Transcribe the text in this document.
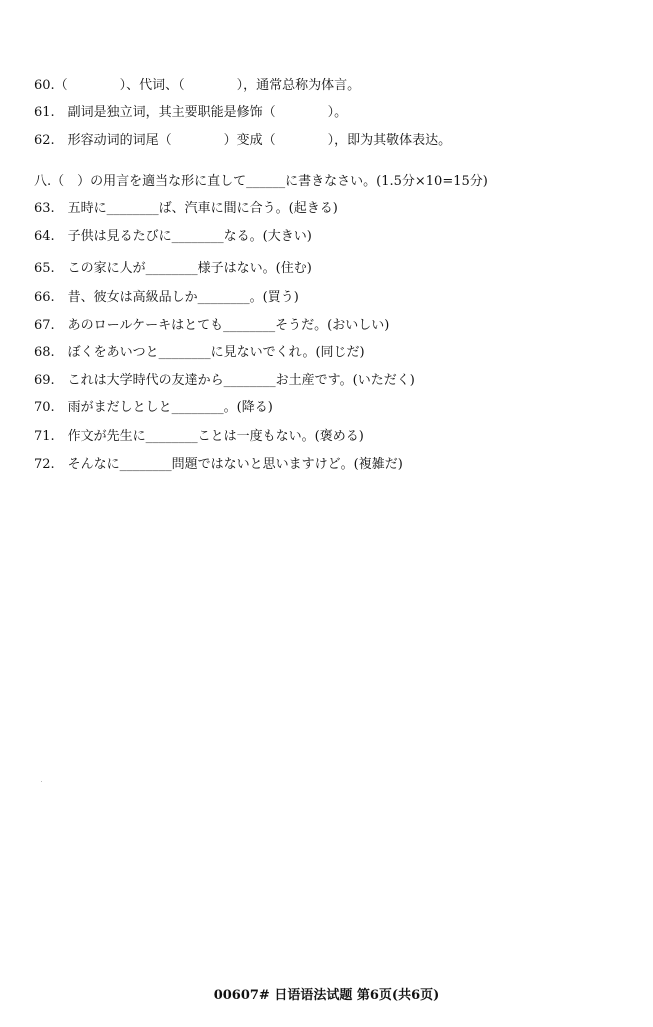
60.（　　　　）、代词、（　　　　），通常总称为体言。
61.　副词是独立词，其主要职能是修饰（　　　　）。
62.　形容动词的词尾（　　　　）变成（　　　　），即为其敬体表达。
八.（　）の用言を適当な形に直して______に書きなさい。(1.5分×10=15分)
63.　五時に________ば、汽車に間に合う。(起きる)
64.　子供は見るたびに________なる。(大きい)
65.　この家に人が________様子はない。(住む)
66.　昔、彼女は高級品しか________。(買う)
67.　あのロールケーキはとても________そうだ。(おいしい)
68.　ぼくをあいつと________に見ないでくれ。(同じだ)
69.　これは大学時代の友達から________お土産です。(いただく)
70.　雨がまだしとしと________。(降る)
71.　作文が先生に________ことは一度もない。(褒める)
72.　そんなに________問題ではないと思いますけど。(複雑だ)
00607# 日语语法试题 第6页(共6页)
